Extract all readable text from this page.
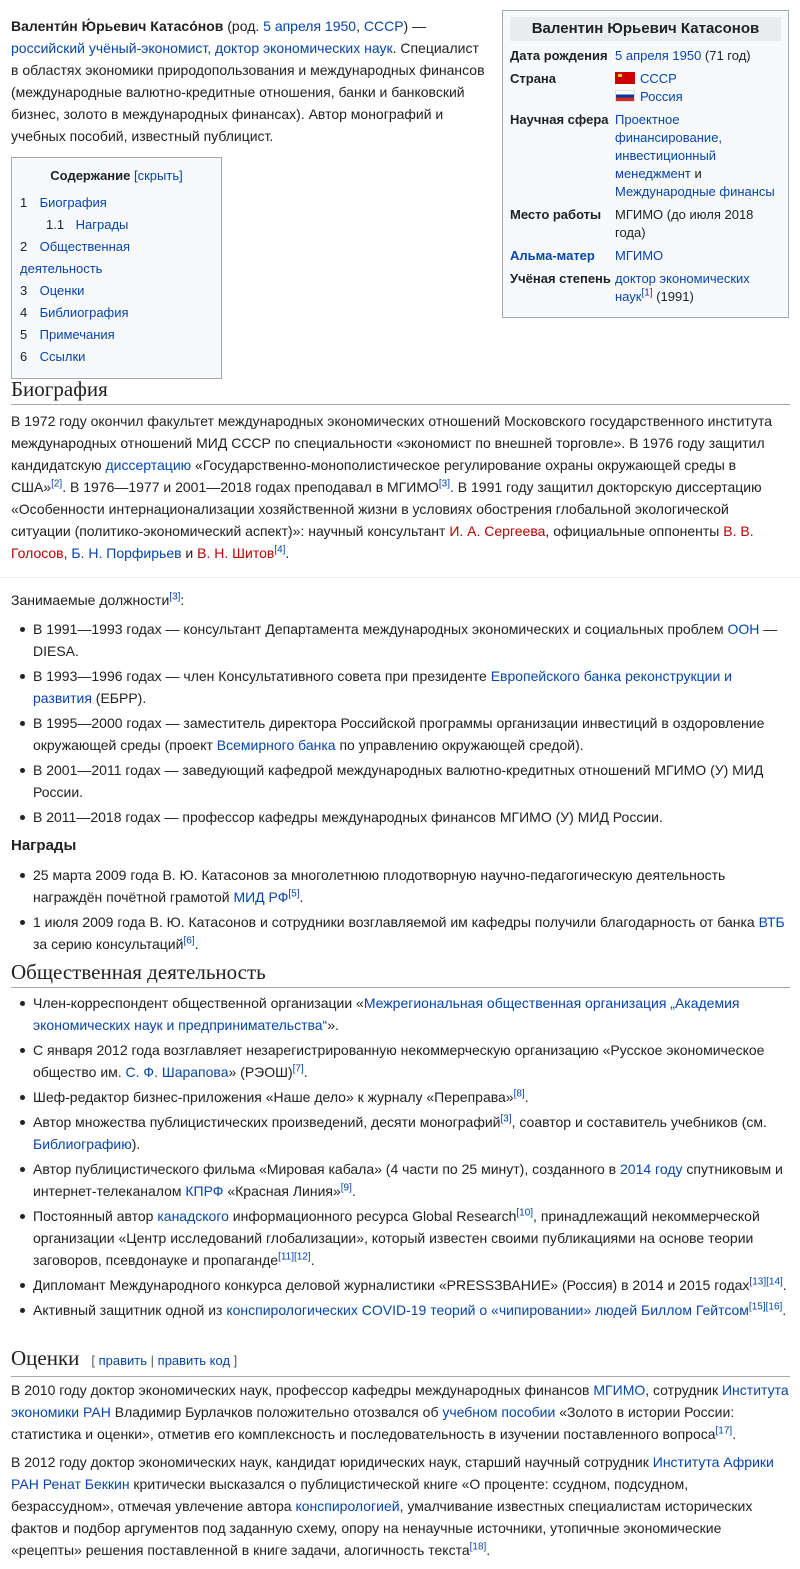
Валентин Юрьевич Катасонов
Дата рождения	5 апреля 1950 (71 год)
Страна	СССР
Россия

Научная сфера	Проектное финансирование, инвестиционный менеджмент и Международные финансы
Место работы	МГИМО (до июля 2018 года)
Альма-матер	МГИМО
Учёная степень	доктор экономических наук[1] (1991)

Валенти́н Ю́рьевич Катасо́нов (род. 5 апреля 1950, СССР) — российский учёный-экономист, доктор экономических наук. Специалист в областях экономики природопользования и международных финансов (международные валютно-кредитные отношения, банки и банковский бизнес, золото в международных финансах). Автор монографий и учебных пособий, известный публицист.

Содержание [скрыть]
1 Биография
1.1 Награды
2 Общественная деятельность
3 Оценки
4 Библиография
5 Примечания
6 Ссылки
Биография

В 1972 году окончил факультет международных экономических отношений Московского государственного института международных отношений МИД СССР по специальности «экономист по внешней торговле». В 1976 году защитил кандидатскую диссертацию «Государственно-монополистическое регулирование охраны окружающей среды в США»[2]. В 1976—1977 и 2001—2018 годах преподавал в МГИМО[3]. В 1991 году защитил докторскую диссертацию «Особенности интернационализации хозяйственной жизни в условиях обострения глобальной экологической ситуации (политико-экономический аспект)»: научный консультант И. А. Сергеева, официальные оппоненты В. В. Голосов, Б. Н. Порфирьев и В. Н. Шитов[4].

Занимаемые должности[3]:

В 1991—1993 годах — консультант Департамента международных экономических и социальных проблем ООН — DIESA.
В 1993—1996 годах — член Консультативного совета при президенте Европейского банка реконструкции и развития (ЕБРР).
В 1995—2000 годах — заместитель директора Российской программы организации инвестиций в оздоровление окружающей среды (проект Всемирного банка по управлению окружающей средой).
В 2001—2011 годах — заведующий кафедрой международных валютно-кредитных отношений МГИМО (У) МИД России.
В 2011—2018 годах — профессор кафедры международных финансов МГИМО (У) МИД России.
Награды
25 марта 2009 года В. Ю. Катасонов за многолетнюю плодотворную научно-педагогическую деятельность награждён почётной грамотой МИД РФ[5].
1 июля 2009 года В. Ю. Катасонов и сотрудники возглавляемой им кафедры получили благодарность от банка ВТБ за серию консультаций[6].
Общественная деятельность
Член-корреспондент общественной организации «Межрегиональная общественная организация „Академия экономических наук и предпринимательства“».
С января 2012 года возглавляет незарегистрированную некоммерческую организацию «Русское экономическое общество им. С. Ф. Шарапова» (РЭОШ)[7].
Шеф-редактор бизнес-приложения «Наше дело» к журналу «Переправа»[8].
Автор множества публицистических произведений, десяти монографий[3], соавтор и составитель учебников (см. Библиографию).
Автор публицистического фильма «Мировая кабала» (4 части по 25 минут), созданного в 2014 году спутниковым и интернет-телеканалом КПРФ «Красная Линия»[9].
Постоянный автор канадского информационного ресурса Global Research[10], принадлежащий некоммерческой организации «Центр исследований глобализации», который известен своими публикациями на основе теории заговоров, псевдонауке и пропаганде[11][12].
Дипломант Международного конкурса деловой журналистики «PRESSЗВАНИЕ» (Россия) в 2014 и 2015 годах[13][14].
Активный защитник одной из конспирологических COVID-19 теорий о «чипировании» людей Биллом Гейтсом[15][16].
Оценки [ править | править код ]

В 2010 году доктор экономических наук, профессор кафедры международных финансов МГИМО, сотрудник Института экономики РАН Владимир Бурлачков положительно отозвался об учебном пособии «Золото в истории России: статистика и оценки», отметив его комплексность и последовательность в изучении поставленного вопроса[17].

В 2012 году доктор экономических наук, кандидат юридических наук, старший научный сотрудник Института Африки РАН Ренат Беккин критически высказался о публицистической книге «О проценте: ссудном, подсудном, безрассудном», отмечая увлечение автора конспирологией, умалчивание известных специалистам исторических фактов и подбор аргументов под заданную схему, опору на ненаучные источники, утопичные экономические «рецепты» решения поставленной в книге задачи, алогичность текста[18].
